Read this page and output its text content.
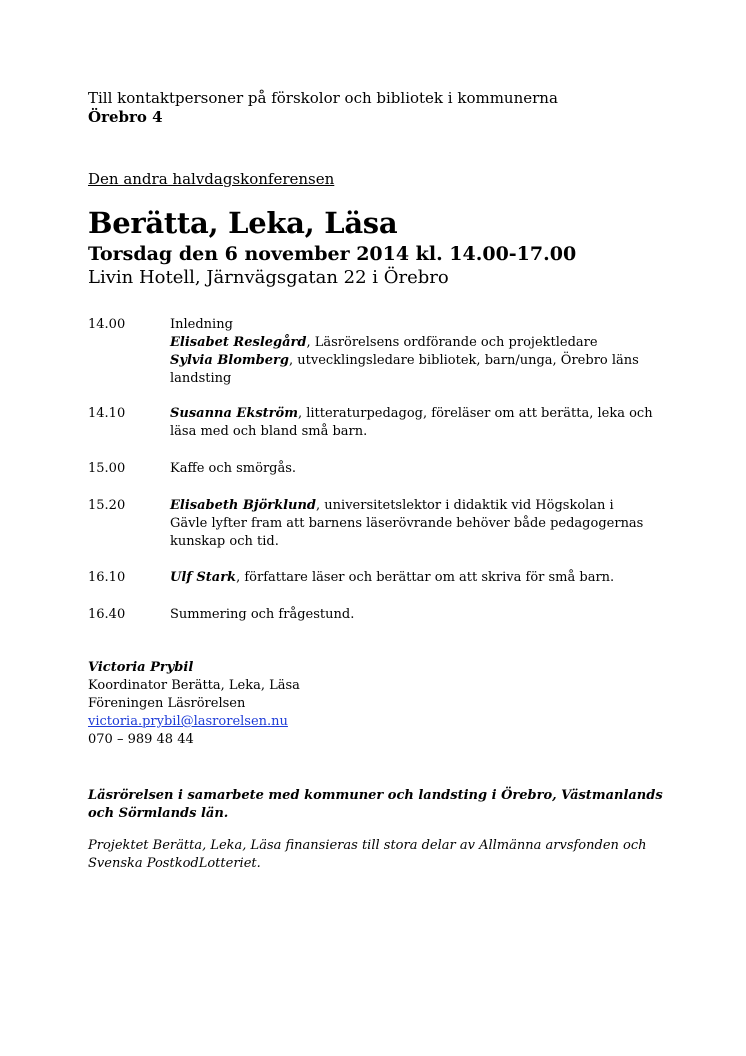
Till kontaktpersoner på förskolor och bibliotek i kommunerna
Örebro 4
Den andra halvdagskonferensen
Berätta, Leka, Läsa
Torsdag den 6 november 2014 kl. 14.00-17.00
Livin Hotell, Järnvägsgatan 22 i Örebro
14.00	Inledning
Elisabet Reslegård, Läsrörelsens ordförande och projektledare
Sylvia Blomberg, utvecklingsledare bibliotek, barn/unga, Örebro läns landsting
14.10	Susanna Ekström, litteraturpedagog, föreläser om att berätta, leka och läsa med och bland små barn.
15.00	Kaffe och smörgås.
15.20	Elisabeth Björklund, universitetslektor i didaktik vid Högskolan i Gävle lyfter fram att barnens läserövrande behöver både pedagogernas kunskap och tid.
16.10	Ulf Stark, författare läser och berättar om att skriva för små barn.
16.40	Summering och frågestund.
Victoria Prybil
Koordinator Berätta, Leka, Läsa
Föreningen Läsrörelsen
victoria.prybil@lasrorelsen.nu
070 – 989 48 44
Läsrörelsen i samarbete med kommuner och landsting i Örebro, Västmanlands och Sörmlands län.
Projektet Berätta, Leka, Läsa finansieras till stora delar av Allmänna arvsfonden och Svenska PostkodLotteriet.
